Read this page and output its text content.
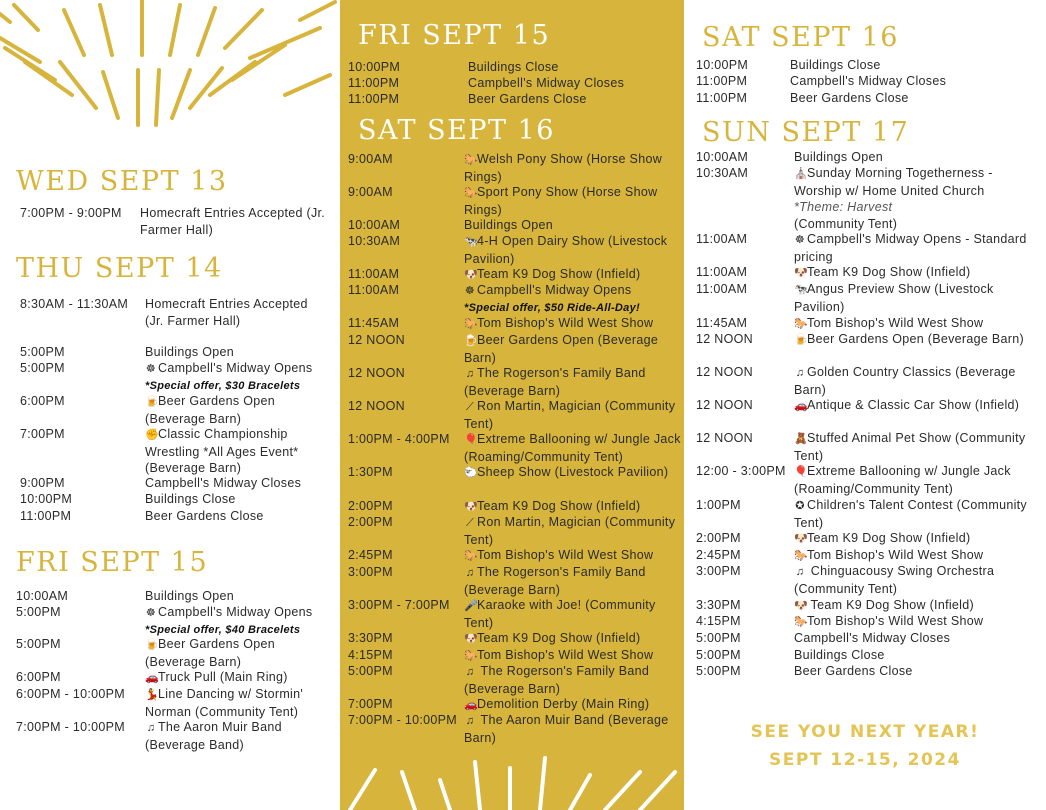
WED SEPT 13
7:00PM - 9:00PM Homecraft Entries Accepted (Jr. Farmer Hall)
THU SEPT 14
8:30AM - 11:30AM Homecraft Entries Accepted (Jr. Farmer Hall)
5:00PM	Buildings Open
5:00PM	☸ Campbell's Midway Opens
*Special offer, $30 Bracelets
6:00PM	🍺Beer Gardens Open (Beverage Barn)
7:00PM	✊Classic Championship Wrestling *All Ages Event* (Beverage Barn)
9:00PM	Campbell's Midway Closes
10:00PM	Buildings Close
11:00PM	Beer Gardens Close
FRI SEPT 15
10:00AM	Buildings Open
5:00PM	☸ Campbell's Midway Opens
*Special offer, $40 Bracelets
5:00PM	🍺Beer Gardens Open (Beverage Barn)
6:00PM	🚗Truck Pull (Main Ring)
6:00PM - 10:00PM 💃Line Dancing w/ Stormin' Norman (Community Tent)
7:00PM - 10:00PM ♫ The Aaron Muir Band (Beverage Band)
FRI SEPT 15
10:00PM	Buildings Close
11:00PM	Campbell's Midway Closes
11:00PM	Beer Gardens Close
SAT SEPT 16
9:00AM	🐎Welsh Pony Show (Horse Show Rings)
9:00AM	🐎Sport Pony Show (Horse Show Rings)
10:00AM	Buildings Open
10:30AM	🐄4-H Open Dairy Show (Livestock Pavilion)
11:00AM	🐶Team K9 Dog Show (Infield)
11:00AM	☸ Campbell's Midway Opens
*Special offer, $50 Ride-All-Day!
11:45AM	🐎Tom Bishop's Wild West Show
12 NOON	🍺Beer Gardens Open (Beverage Barn)
12 NOON	♫ The Rogerson's Family Band (Beverage Barn)
12 NOON	⟋ Ron Martin, Magician (Community Tent)
1:00PM - 4:00PM 🎈Extreme Ballooning w/ Jungle Jack (Roaming/Community Tent)
1:30PM	🐑Sheep Show (Livestock Pavilion)
2:00PM	🐶Team K9 Dog Show (Infield)
2:00PM	⟋ Ron Martin, Magician (Community Tent)
2:45PM	🐎Tom Bishop's Wild West Show
3:00PM	♫ The Rogerson's Family Band (Beverage Barn)
3:00PM - 7:00PM 🎤Karaoke with Joe! (Community Tent)
3:30PM	🐶Team K9 Dog Show (Infield)
4:15PM	🐎Tom Bishop's Wild West Show
5:00PM	♫ The Rogerson's Family Band (Beverage Barn)
7:00PM	🚗Demolition Derby (Main Ring)
7:00PM - 10:00PM ♫ The Aaron Muir Band (Beverage Barn)
SAT SEPT 16
10:00PM	Buildings Close
11:00PM	Campbell's Midway Closes
11:00PM	Beer Gardens Close
SUN SEPT 17
10:00AM	Buildings Open
10:30AM	⛪Sunday Morning Togetherness - Worship w/ Home United Church
*Theme: Harvest
(Community Tent)
11:00AM	☸ Campbell's Midway Opens - Standard pricing
11:00AM	🐶Team K9 Dog Show (Infield)
11:00AM	🐄Angus Preview Show (Livestock Pavilion)
11:45AM	🐎Tom Bishop's Wild West Show
12 NOON	🍺Beer Gardens Open (Beverage Barn)
12 NOON	♫ Golden Country Classics (Beverage Barn)
12 NOON	🚗Antique & Classic Car Show (Infield)
12 NOON	🧸Stuffed Animal Pet Show (Community Tent)
12:00 - 3:00PM 🎈Extreme Ballooning w/ Jungle Jack (Roaming/Community Tent)
1:00PM	✪ Children's Talent Contest (Community Tent)
2:00PM	🐶Team K9 Dog Show (Infield)
2:45PM	🐎Tom Bishop's Wild West Show
3:00PM	♫ Chinguacousy Swing Orchestra (Community Tent)
3:30PM	🐶 Team K9 Dog Show (Infield)
4:15PM	🐎Tom Bishop's Wild West Show
5:00PM	Campbell's Midway Closes
5:00PM	Buildings Close
5:00PM	Beer Gardens Close
SEE YOU NEXT YEAR!
SEPT 12-15, 2024
